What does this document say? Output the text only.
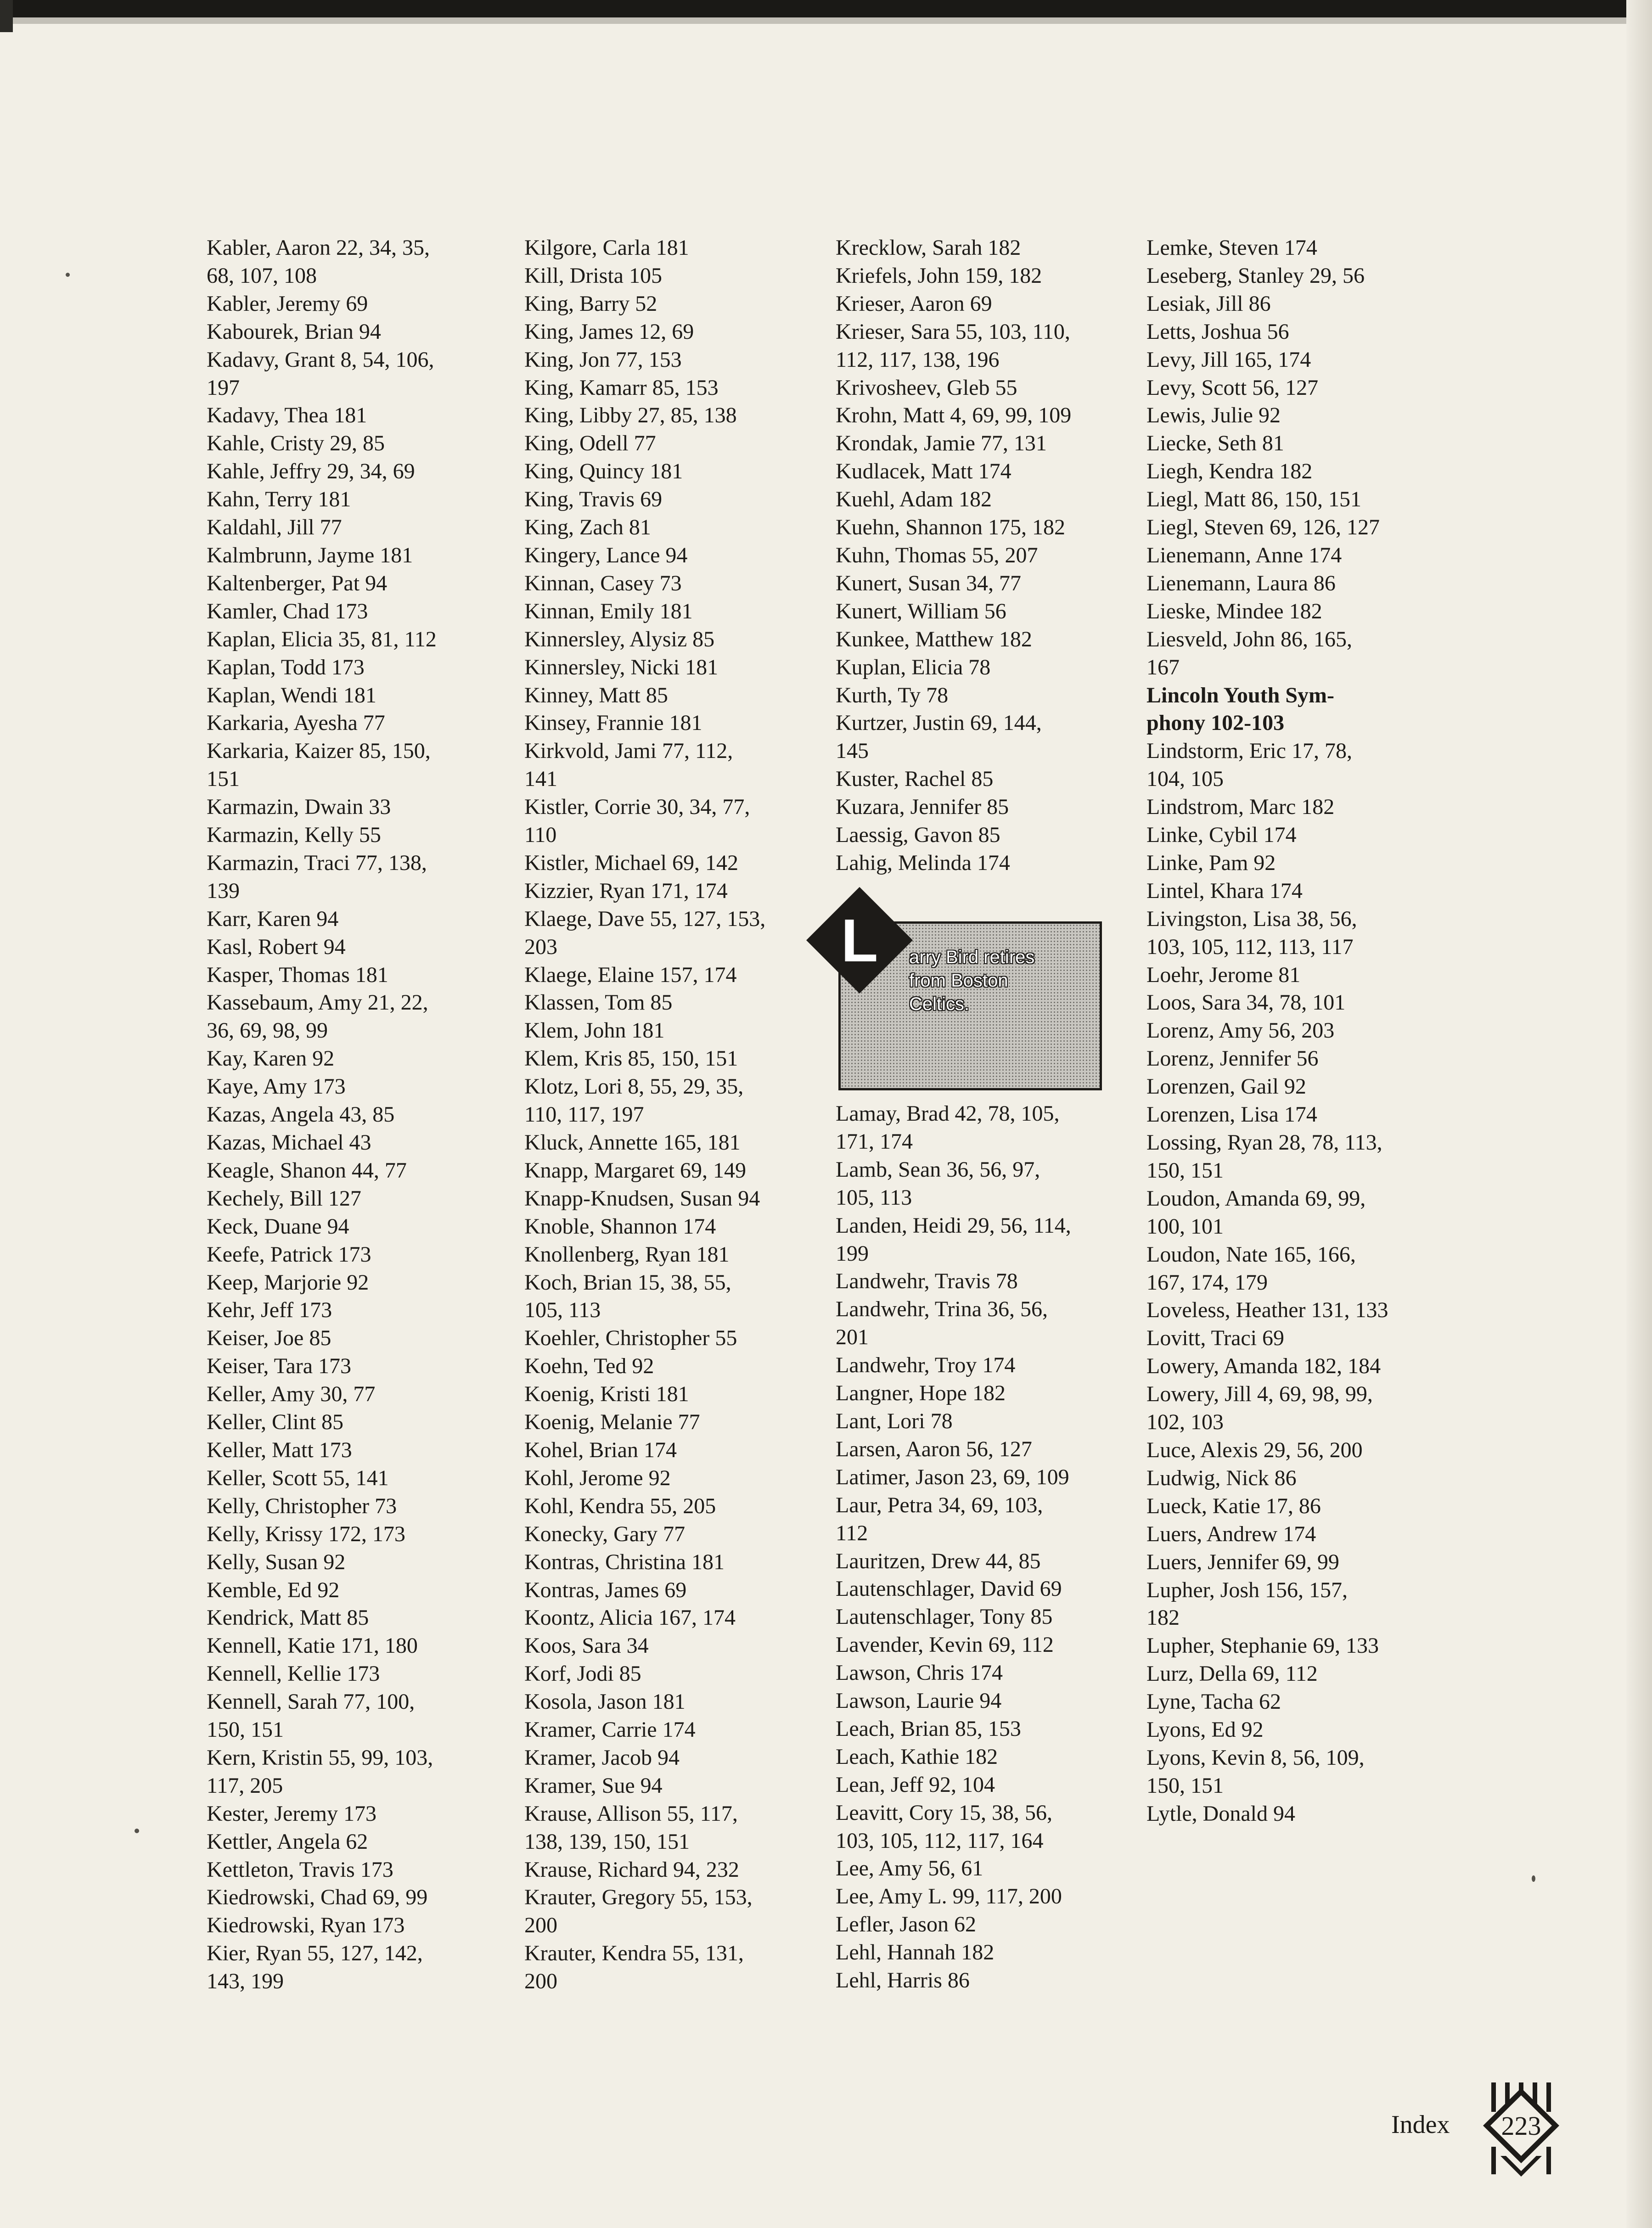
Kabler, Aaron 22, 34, 35,
68, 107, 108
Kabler, Jeremy 69
Kabourek, Brian 94
Kadavy, Grant 8, 54, 106,
197
Kadavy, Thea 181
Kahle, Cristy 29, 85
Kahle, Jeffry 29, 34, 69
Kahn, Terry 181
Kaldahl, Jill 77
Kalmbrunn, Jayme 181
Kaltenberger, Pat 94
Kamler, Chad 173
Kaplan, Elicia 35, 81, 112
Kaplan, Todd 173
Kaplan, Wendi 181
Karkaria, Ayesha 77
Karkaria, Kaizer 85, 150,
151
Karmazin, Dwain 33
Karmazin, Kelly 55
Karmazin, Traci 77, 138,
139
Karr, Karen 94
Kasl, Robert 94
Kasper, Thomas 181
Kassebaum, Amy 21, 22,
36, 69, 98, 99
Kay, Karen 92
Kaye, Amy 173
Kazas, Angela 43, 85
Kazas, Michael 43
Keagle, Shanon 44, 77
Kechely, Bill 127
Keck, Duane 94
Keefe, Patrick 173
Keep, Marjorie 92
Kehr, Jeff 173
Keiser, Joe 85
Keiser, Tara 173
Keller, Amy 30, 77
Keller, Clint 85
Keller, Matt 173
Keller, Scott 55, 141
Kelly, Christopher 73
Kelly, Krissy 172, 173
Kelly, Susan 92
Kemble, Ed 92
Kendrick, Matt 85
Kennell, Katie 171, 180
Kennell, Kellie 173
Kennell, Sarah 77, 100,
150, 151
Kern, Kristin 55, 99, 103,
117, 205
Kester, Jeremy 173
Kettler, Angela 62
Kettleton, Travis 173
Kiedrowski, Chad 69, 99
Kiedrowski, Ryan 173
Kier, Ryan 55, 127, 142,
143, 199
Kilgore, Carla 181
Kill, Drista 105
King, Barry 52
King, James 12, 69
King, Jon 77, 153
King, Kamarr 85, 153
King, Libby 27, 85, 138
King, Odell 77
King, Quincy 181
King, Travis 69
King, Zach 81
Kingery, Lance 94
Kinnan, Casey 73
Kinnan, Emily 181
Kinnersley, Alysiz 85
Kinnersley, Nicki 181
Kinney, Matt 85
Kinsey, Frannie 181
Kirkvold, Jami 77, 112,
141
Kistler, Corrie 30, 34, 77,
110
Kistler, Michael 69, 142
Kizzier, Ryan 171, 174
Klaege, Dave 55, 127, 153,
203
Klaege, Elaine 157, 174
Klassen, Tom 85
Klem, John 181
Klem, Kris 85, 150, 151
Klotz, Lori 8, 55, 29, 35,
110, 117, 197
Kluck, Annette 165, 181
Knapp, Margaret 69, 149
Knapp-Knudsen, Susan 94
Knoble, Shannon 174
Knollenberg, Ryan 181
Koch, Brian 15, 38, 55,
105, 113
Koehler, Christopher 55
Koehn, Ted 92
Koenig, Kristi 181
Koenig, Melanie 77
Kohel, Brian 174
Kohl, Jerome 92
Kohl, Kendra 55, 205
Konecky, Gary 77
Kontras, Christina 181
Kontras, James 69
Koontz, Alicia 167, 174
Koos, Sara 34
Korf, Jodi 85
Kosola, Jason 181
Kramer, Carrie 174
Kramer, Jacob 94
Kramer, Sue 94
Krause, Allison 55, 117,
138, 139, 150, 151
Krause, Richard 94, 232
Krauter, Gregory 55, 153,
200
Krauter, Kendra 55, 131,
200
Krecklow, Sarah 182
Kriefels, John 159, 182
Krieser, Aaron 69
Krieser, Sara 55, 103, 110,
112, 117, 138, 196
Krivosheev, Gleb 55
Krohn, Matt 4, 69, 99, 109
Krondak, Jamie 77, 131
Kudlacek, Matt 174
Kuehl, Adam 182
Kuehn, Shannon 175, 182
Kuhn, Thomas 55, 207
Kunert, Susan 34, 77
Kunert, William 56
Kunkee, Matthew 182
Kuplan, Elicia 78
Kurth, Ty 78
Kurtzer, Justin 69, 144,
145
Kuster, Rachel 85
Kuzara, Jennifer 85
Laessig, Gavon 85
Lahig, Melinda 174
Lamay, Brad 42, 78, 105,
171, 174
Lamb, Sean 36, 56, 97,
105, 113
Landen, Heidi 29, 56, 114,
199
Landwehr, Travis 78
Landwehr, Trina 36, 56,
201
Landwehr, Troy 174
Langner, Hope 182
Lant, Lori 78
Larsen, Aaron 56, 127
Latimer, Jason 23, 69, 109
Laur, Petra 34, 69, 103,
112
Lauritzen, Drew 44, 85
Lautenschlager, David 69
Lautenschlager, Tony 85
Lavender, Kevin 69, 112
Lawson, Chris 174
Lawson, Laurie 94
Leach, Brian 85, 153
Leach, Kathie 182
Lean, Jeff 92, 104
Leavitt, Cory 15, 38, 56,
103, 105, 112, 117, 164
Lee, Amy 56, 61
Lee, Amy L. 99, 117, 200
Lefler, Jason 62
Lehl, Hannah 182
Lehl, Harris 86
Lemke, Steven 174
Leseberg, Stanley 29, 56
Lesiak, Jill 86
Letts, Joshua 56
Levy, Jill 165, 174
Levy, Scott 56, 127
Lewis, Julie 92
Liecke, Seth 81
Liegh, Kendra 182
Liegl, Matt 86, 150, 151
Liegl, Steven 69, 126, 127
Lienemann, Anne 174
Lienemann, Laura 86
Lieske, Mindee 182
Liesveld, John 86, 165,
167
Lincoln Youth Sym-
phony 102-103
Lindstorm, Eric 17, 78,
104, 105
Lindstrom, Marc 182
Linke, Cybil 174
Linke, Pam 92
Lintel, Khara 174
Livingston, Lisa 38, 56,
103, 105, 112, 113, 117
Loehr, Jerome 81
Loos, Sara 34, 78, 101
Lorenz, Amy 56, 203
Lorenz, Jennifer 56
Lorenzen, Gail 92
Lorenzen, Lisa 174
Lossing, Ryan 28, 78, 113,
150, 151
Loudon, Amanda 69, 99,
100, 101
Loudon, Nate 165, 166,
167, 174, 179
Loveless, Heather 131, 133
Lovitt, Traci 69
Lowery, Amanda 182, 184
Lowery, Jill 4, 69, 98, 99,
102, 103
Luce, Alexis 29, 56, 200
Ludwig, Nick 86
Lueck, Katie 17, 86
Luers, Andrew 174
Luers, Jennifer 69, 99
Lupher, Josh 156, 157,
182
Lupher, Stephanie 69, 133
Lurz, Della 69, 112
Lyne, Tacha 62
Lyons, Ed 92
Lyons, Kevin 8, 56, 109,
150, 151
Lytle, Donald 94
L	arry Bird retires
from Boston
Celtics.
Index	223
